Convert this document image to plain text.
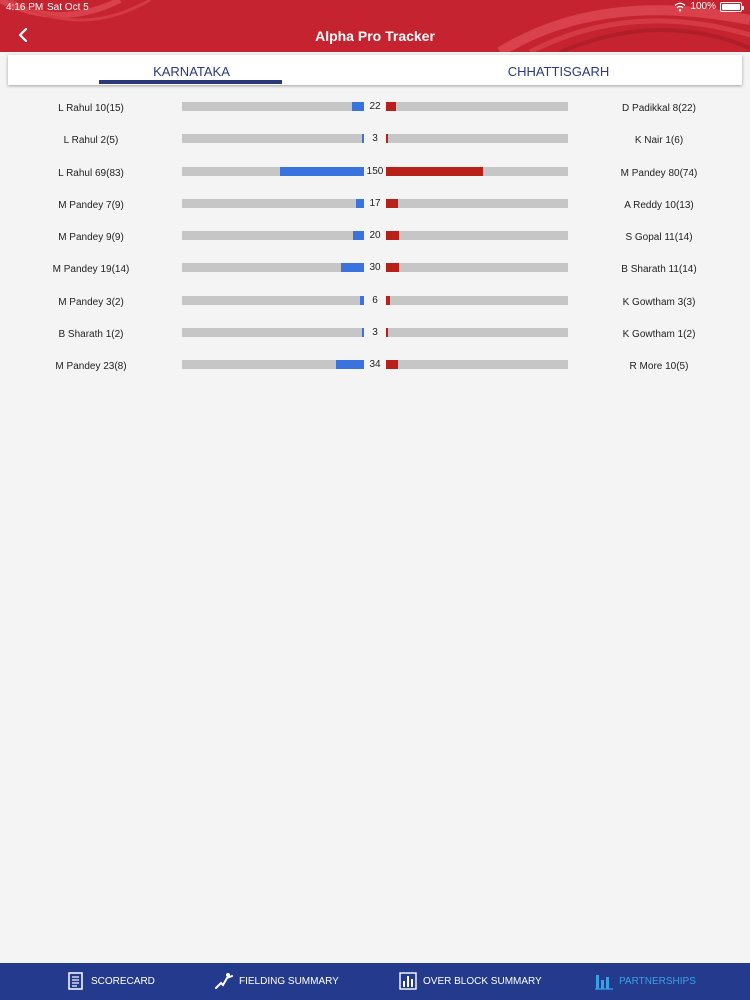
4:16 PM Sat Oct 5	100%
Alpha Pro Tracker
KARNATAKA	CHHATTISGARH
L Rahul 10(15)	22	D Padikkal 8(22)
L Rahul 2(5)	3	K Nair 1(6)
L Rahul 69(83)	150	M Pandey 80(74)
M Pandey 7(9)	17	A Reddy 10(13)
M Pandey 9(9)	20	S Gopal 11(14)
M Pandey 19(14)	30	B Sharath 11(14)
M Pandey 3(2)	6	K Gowtham 3(3)
B Sharath 1(2)	3	K Gowtham 1(2)
M Pandey 23(8)	34	R More 10(5)
SCORECARD	FIELDING SUMMARY	OVER BLOCK SUMMARY	PARTNERSHIPS
